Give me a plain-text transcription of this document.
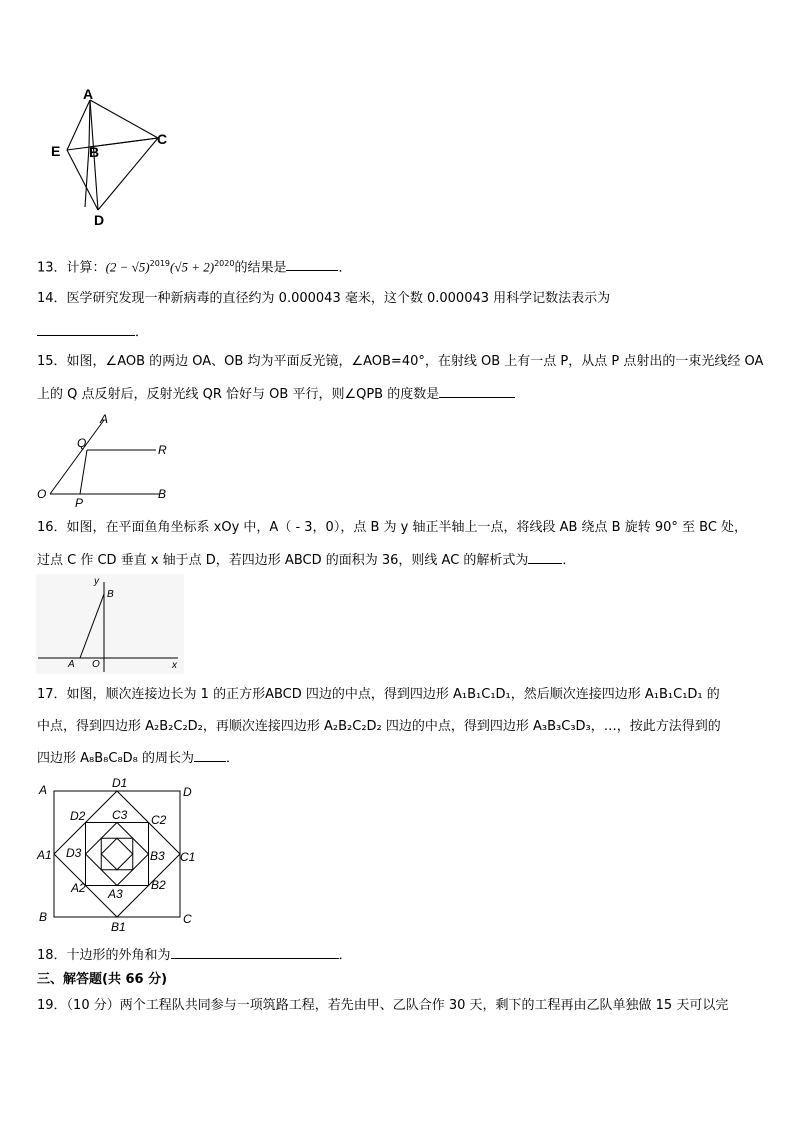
A
E B
C
D
13．计算：$(2 - √5)^{2019}(√5 + 2)^{2020}$的结果是	．
14．医学研究发现一种新病毒的直径约为 0.000043 毫米，这个数 0.000043 用科学记数法表示为
．
15．如图，∠AOB 的两边 OA、OB 均为平面反光镜，∠AOB=40°，在射线 OB 上有一点 P，从点 P 点射出的一束光线经 OA
上的 Q 点反射后，反射光线 QR 恰好与 OB 平行，则∠QPB 的度数是
A
Q	R
O
P
B
16．如图，在平面鱼角坐标系 xOy 中，A（ - 3，0），点 B 为 y 轴正半轴上一点，将线段 AB 绕点 B 旋转 90° 至 BC 处，
过点 C 作 CD 垂直 x 轴于点 D，若四边形 ABCD 的面积为 36，则线 AC 的解析式为	．
y
B
A O	x
17．如图，顺次连接边长为 1 的正方形ABCD 四边的中点，得到四边形 A₁B₁C₁D₁，然后顺次连接四边形 A₁B₁C₁D₁ 的
中点，得到四边形 A₂B₂C₂D₂，再顺次连接四边形 A₂B₂C₂D₂ 四边的中点，得到四边形 A₃B₃C₃D₃，…，按此方法得到的
四边形 A₈B₈C₈D₈ 的周长为 ．
A	D
B	C
D1
C1
B1
A1
D2	C2
B2
A2
D3
C3
B3
A3
18．十边形的外角和为	．
三、解答题(共 66 分)
19．（10 分）两个工程队共同参与一项筑路工程，若先由甲、乙队合作 30 天，剩下的工程再由乙队单独做 15 天可以完
